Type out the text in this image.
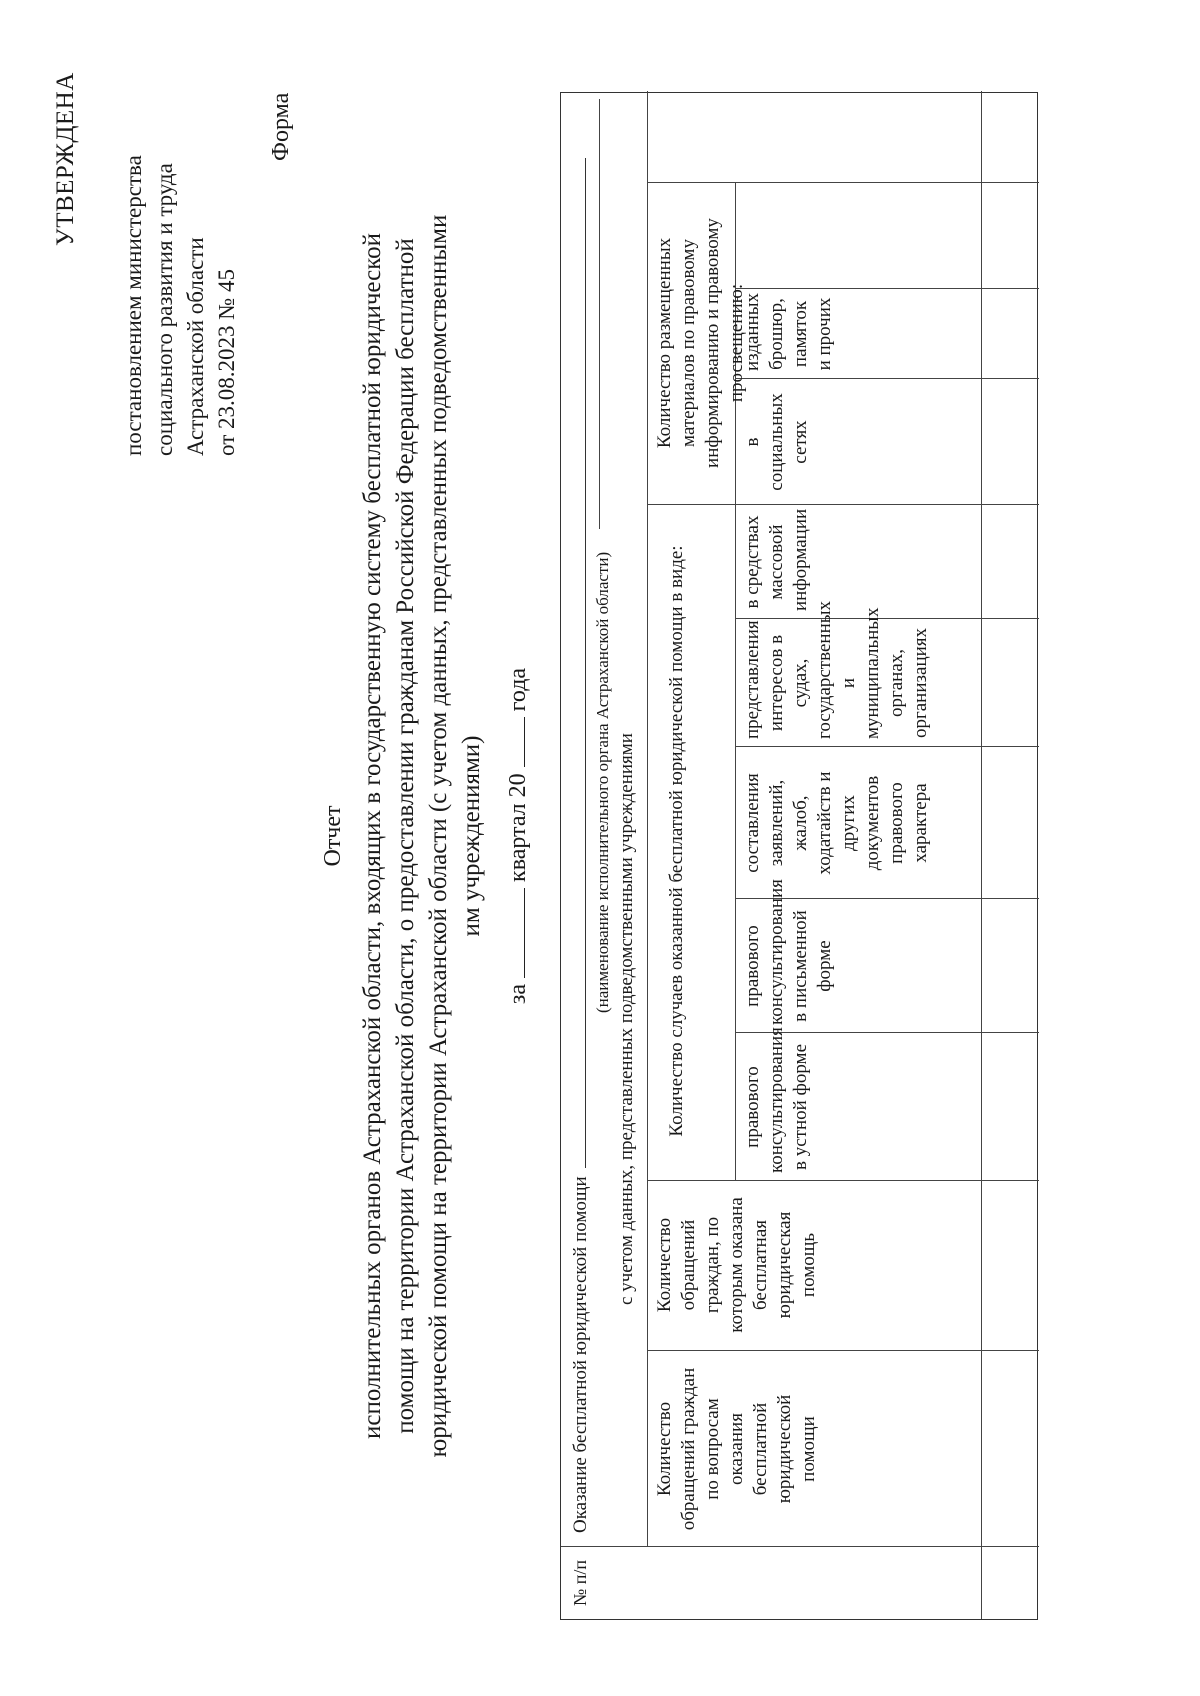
УТВЕРЖДЕНА постановлением министерства социального развития и труда Астраханской области от 23.08.2023 № 45
Форма
Отчет исполнительных органов Астраханской области, входящих в государственную систему бесплатной юридической помощи на территории Астраханской области, о предоставлении гражданам Российской Федерации бесплатной юридической помощи на территории Астраханской области (с учетом данных, представленных подведомственными им учреждениями)
за  квартал 20  года
№ п/п
Оказание бесплатной юридической помощи
(наименование исполнительного органа Астраханской области) с учетом данных, представленных подведомственными учреждениями
Количество обращений граждан по вопросам оказания бесплатной юридической помощи
Количество обращений граждан, по которым оказана бесплатная юридическая помощь
Количество случаев оказанной бесплатной юридической помощи в виде:
Количество размещенных материалов по правовому информированию и правовому просвещению:
правового консультирования в устной форме
правового консультирования в письменной форме
составления заявлений, жалоб, ходатайств и других документов правового характера
представления интересов в судах, государственных и муниципальных органах, организациях
в средствах массовой информации
в социальных сетях
изданных брошюр, памяток и прочих
